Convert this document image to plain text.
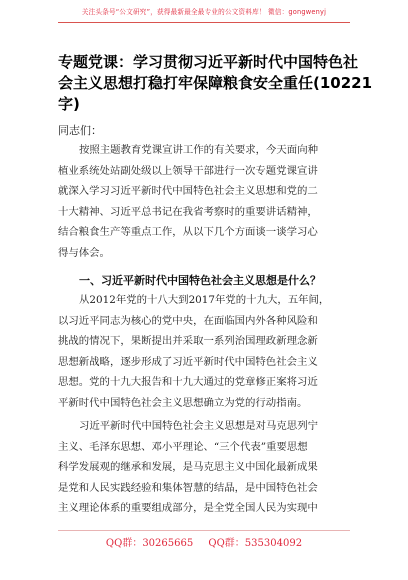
关注头条号“公文研究”，获得最新最全最专业的公文资料库！ 微信：gongwenyj
专题党课：学习贯彻习近平新时代中国特色社
会主义思想打稳打牢保障粮食安全重任(10221
字)
同志们：
按照主题教育党课宣讲工作的有关要求，今天面向种
植业系统处站副处级以上领导干部进行一次专题党课宣讲
就深入学习习近平新时代中国特色社会主义思想和党的二
十大精神、习近平总书记在我省考察时的重要讲话精神，
结合粮食生产等重点工作，从以下几个方面谈一谈学习心
得与体会。
一、习近平新时代中国特色社会主义思想是什么？
从2012年党的十八大到2017年党的十九大，五年间，
以习近平同志为核心的党中央，在面临国内外各种风险和
挑战的情况下，果断提出并采取一系列治国理政新理念新
思想新战略，逐步形成了习近平新时代中国特色社会主义
思想。党的十九大报告和十九大通过的党章修正案将习近
平新时代中国特色社会主义思想确立为党的行动指南。
习近平新时代中国特色社会主义思想是对马克思列宁
主义、毛泽东思想、邓小平理论、“三个代表”重要思想
科学发展观的继承和发展，是马克思主义中国化最新成果
是党和人民实践经验和集体智慧的结晶，是中国特色社会
主义理论体系的重要组成部分，是全党全国人民为实现中
QQ群：30265665 QQ群：535304092
